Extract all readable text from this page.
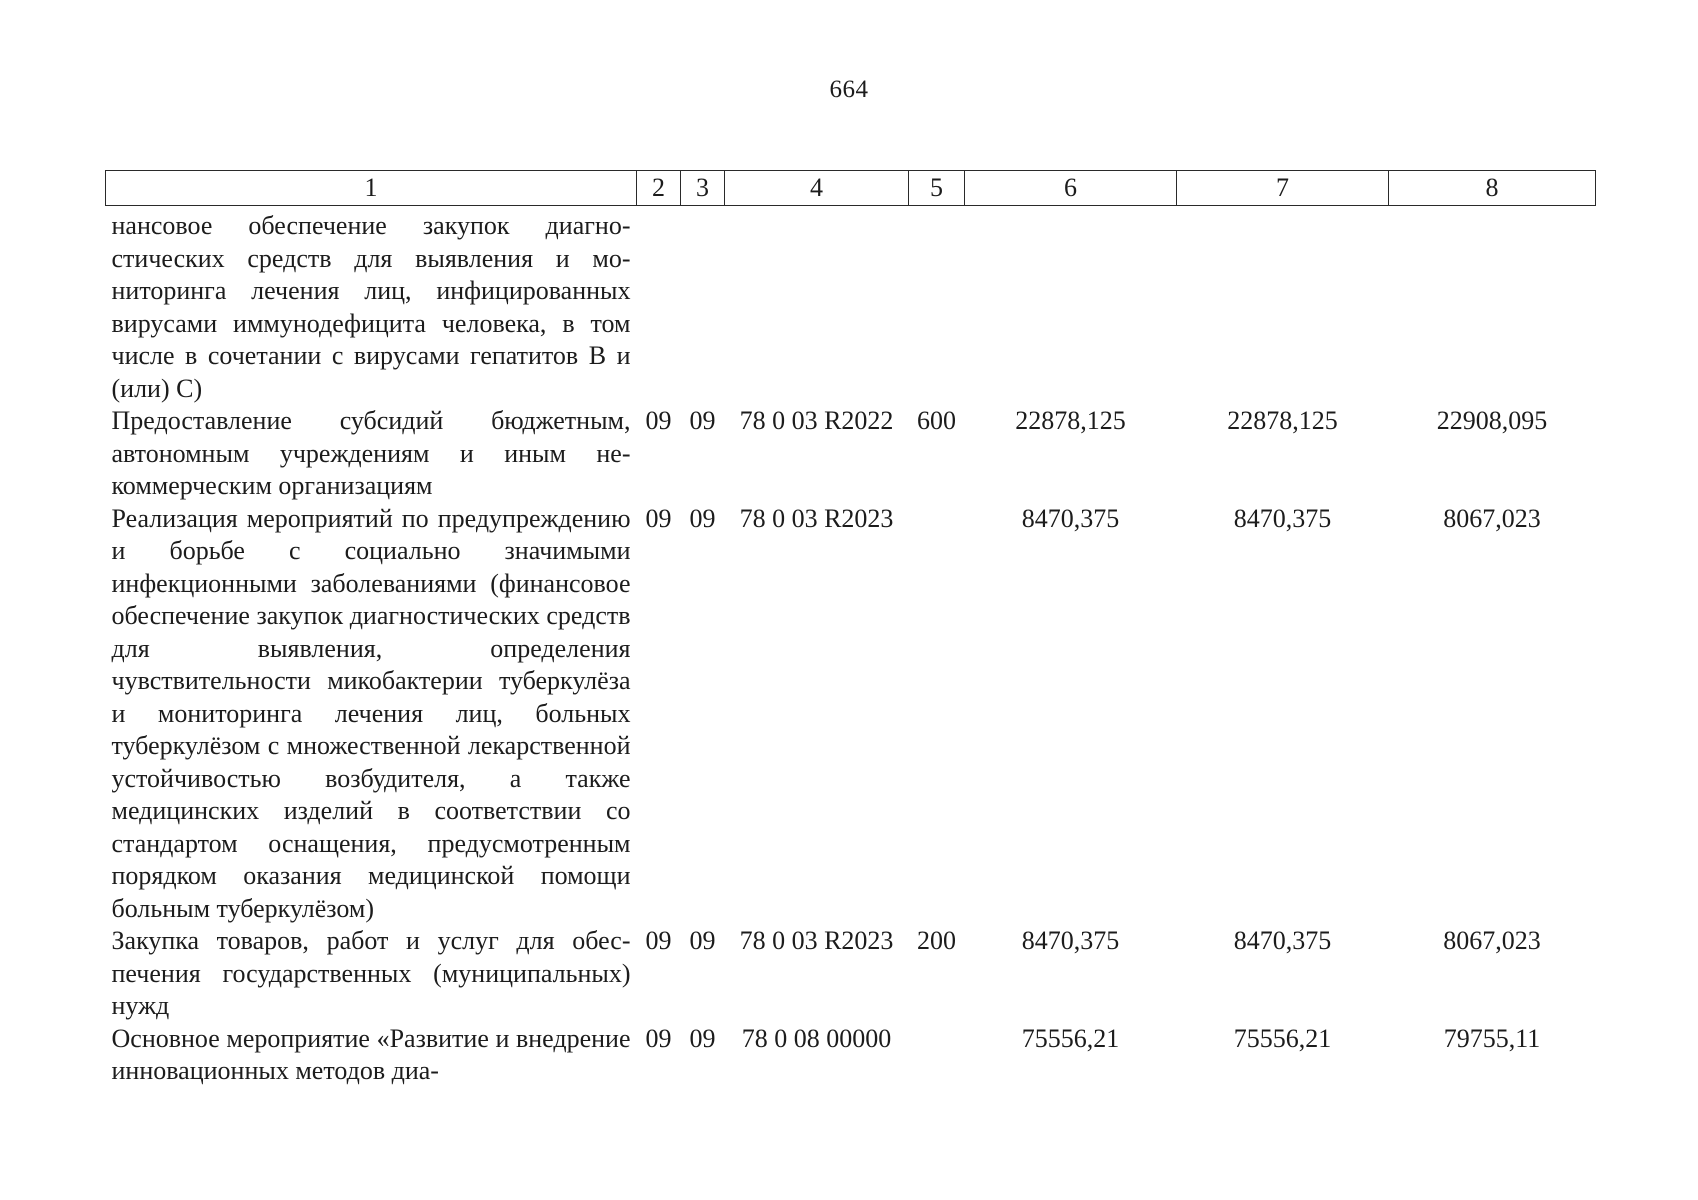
664
1	2	3	4	5	6	7	8
нансовое обеспечение закупок диагностических средств для выявления и мониторинга лечения лиц, инфицированных вирусами иммунодефицита человека, в том числе в сочетании с вирусами гепатитов В и (или) С)							
Предоставление субсидий бюджетным, автономным учреждениям и иным некоммерческим организациям	09	09	78 0 03 R2022	600	22878,125	22878,125	22908,095
Реализация мероприятий по предупреждению и борьбе с социально значимыми инфекционными заболеваниями (финансовое обеспечение закупок диагностических средств для выявления, определения чувствительности микобактерии туберкулёза и мониторинга лечения лиц, больных туберкулёзом с множественной лекарственной устойчивостью возбудителя, а также медицинских изделий в соответствии со стандартом оснащения, предусмотренным порядком оказания медицинской помощи больным туберкулёзом)	09	09	78 0 03 R2023		8470,375	8470,375	8067,023
Закупка товаров, работ и услуг для обеспечения государственных (муниципальных) нужд	09	09	78 0 03 R2023	200	8470,375	8470,375	8067,023
Основное мероприятие «Развитие и внедрение инновационных методов диа-	09	09	78 0 08 00000		75556,21	75556,21	79755,11
